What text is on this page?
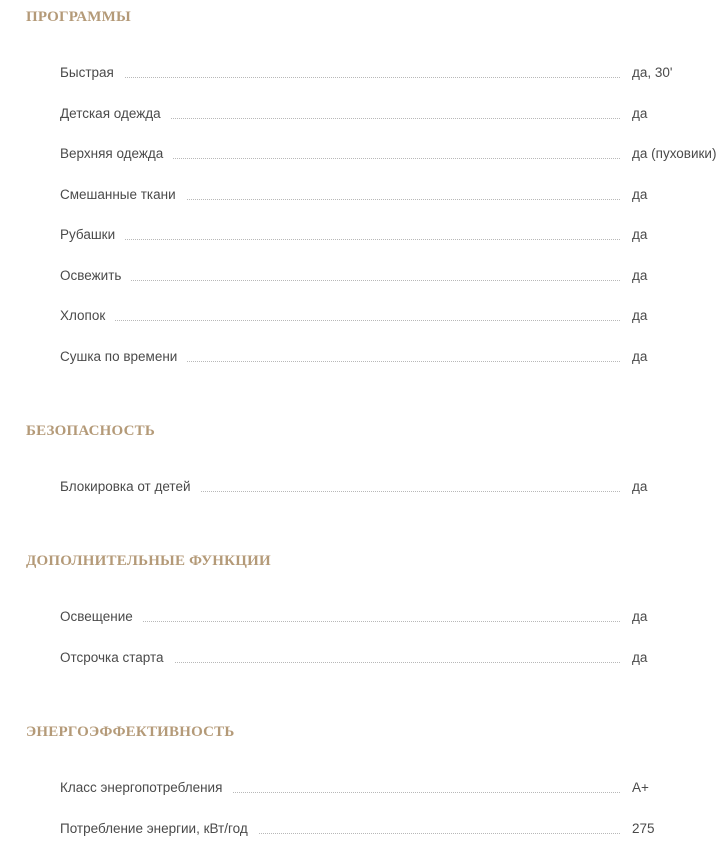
ПРОГРАММЫ
Быстрая	да, 30'
Детская одежда	да
Верхняя одежда	да (пуховики)
Смешанные ткани	да
Рубашки	да
Освежить	да
Хлопок	да
Сушка по времени	да
БЕЗОПАСНОСТЬ
Блокировка от детей	да
ДОПОЛНИТЕЛЬНЫЕ ФУНКЦИИ
Освещение	да
Отсрочка старта	да
ЭНЕРГОЭФФЕКТИВНОСТЬ
Класс энергопотребления	A+
Потребление энергии, кВт/год	275
